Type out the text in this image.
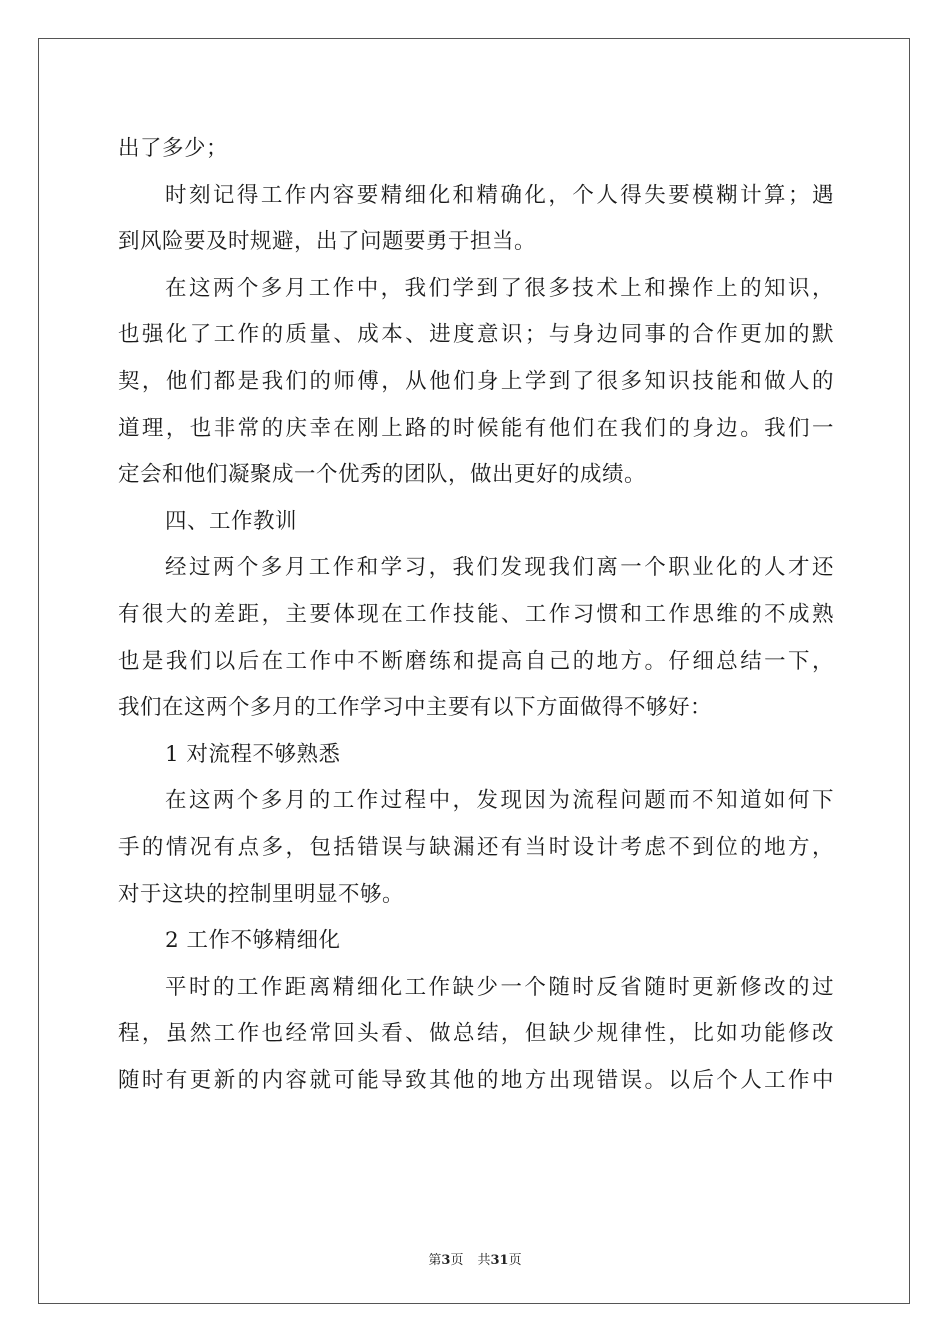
出了多少；
时刻记得工作内容要精细化和精确化，个人得失要模糊计算；遇
到风险要及时规避，出了问题要勇于担当。
在这两个多月工作中，我们学到了很多技术上和操作上的知识，
也强化了工作的质量、成本、进度意识；与身边同事的合作更加的默
契，他们都是我们的师傅，从他们身上学到了很多知识技能和做人的
道理，也非常的庆幸在刚上路的时候能有他们在我们的身边。我们一
定会和他们凝聚成一个优秀的团队，做出更好的成绩。
四、工作教训
经过两个多月工作和学习，我们发现我们离一个职业化的人才还
有很大的差距，主要体现在工作技能、工作习惯和工作思维的不成熟
也是我们以后在工作中不断磨练和提高自己的地方。仔细总结一下，
我们在这两个多月的工作学习中主要有以下方面做得不够好：
1 对流程不够熟悉
在这两个多月的工作过程中，发现因为流程问题而不知道如何下
手的情况有点多，包括错误与缺漏还有当时设计考虑不到位的地方，
对于这块的控制里明显不够。
2 工作不够精细化
平时的工作距离精细化工作缺少一个随时反省随时更新修改的过
程，虽然工作也经常回头看、做总结，但缺少规律性，比如功能修改
随时有更新的内容就可能导致其他的地方出现错误。以后个人工作中
第3页 共31页
